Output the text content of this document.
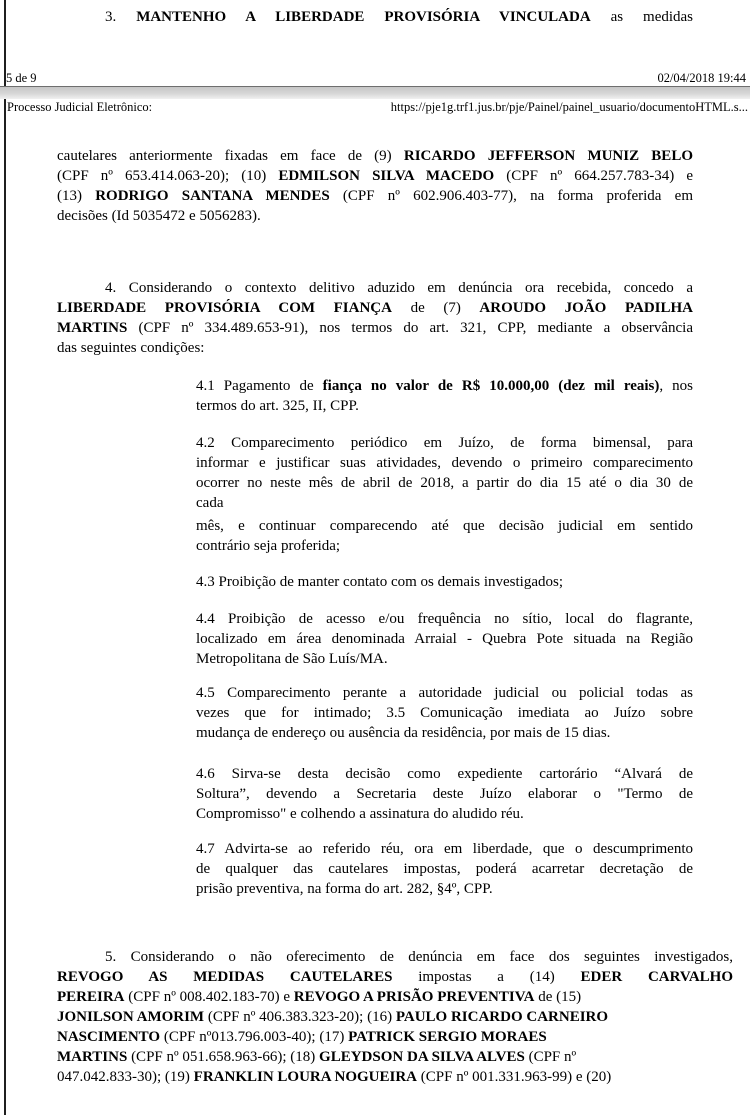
3. MANTENHO A LIBERDADE PROVISÓRIA VINCULADA as medidas
5 de 9	02/04/2018 19:44
Processo Judicial Eletrônico:	https://pje1g.trf1.jus.br/pje/Painel/painel_usuario/documentoHTML.s...
cautelares anteriormente fixadas em face de (9) RICARDO JEFFERSON MUNIZ BELO
(CPF nº 653.414.063-20); (10) EDMILSON SILVA MACEDO (CPF nº 664.257.783-34) e
(13) RODRIGO SANTANA MENDES (CPF nº 602.906.403-77), na forma proferida em
decisões (Id 5035472 e 5056283).
4. Considerando o contexto delitivo aduzido em denúncia ora recebida, concedo a
LIBERDADE PROVISÓRIA COM FIANÇA de (7) AROUDO JOÃO PADILHA
MARTINS (CPF nº 334.489.653-91), nos termos do art. 321, CPP, mediante a observância
das seguintes condições:
4.1 Pagamento de fiança no valor de R$ 10.000,00 (dez mil reais), nos
termos do art. 325, II, CPP.
4.2 Comparecimento periódico em Juízo, de forma bimensal, para
informar e justificar suas atividades, devendo o primeiro comparecimento
ocorrer no neste mês de abril de 2018, a partir do dia 15 até o dia 30 de
cada
mês, e continuar comparecendo até que decisão judicial em sentido
contrário seja proferida;
4.3 Proibição de manter contato com os demais investigados;
4.4 Proibição de acesso e/ou frequência no sítio, local do flagrante,
localizado em área denominada Arraial - Quebra Pote situada na Região
Metropolitana de São Luís/MA.
4.5 Comparecimento perante a autoridade judicial ou policial todas as
vezes que for intimado; 3.5 Comunicação imediata ao Juízo sobre
mudança de endereço ou ausência da residência, por mais de 15 dias.
4.6 Sirva-se desta decisão como expediente cartorário “Alvará de
Soltura”, devendo a Secretaria deste Juízo elaborar o "Termo de
Compromisso" e colhendo a assinatura do aludido réu.
4.7 Advirta-se ao referido réu, ora em liberdade, que o descumprimento
de qualquer das cautelares impostas, poderá acarretar decretação de
prisão preventiva, na forma do art. 282, §4º, CPP.
5. Considerando o não oferecimento de denúncia em face dos seguintes investigados,
REVOGO AS MEDIDAS CAUTELARES impostas a (14) EDER CARVALHO
PEREIRA (CPF nº 008.402.183-70) e REVOGO A PRISÃO PREVENTIVA de (15)
JONILSON AMORIM (CPF nº 406.383.323-20); (16) PAULO RICARDO CARNEIRO
NASCIMENTO (CPF nº013.796.003-40); (17) PATRICK SERGIO MORAES
MARTINS (CPF nº 051.658.963-66); (18) GLEYDSON DA SILVA ALVES (CPF nº
047.042.833-30); (19) FRANKLIN LOURA NOGUEIRA (CPF nº 001.331.963-99) e (20)
